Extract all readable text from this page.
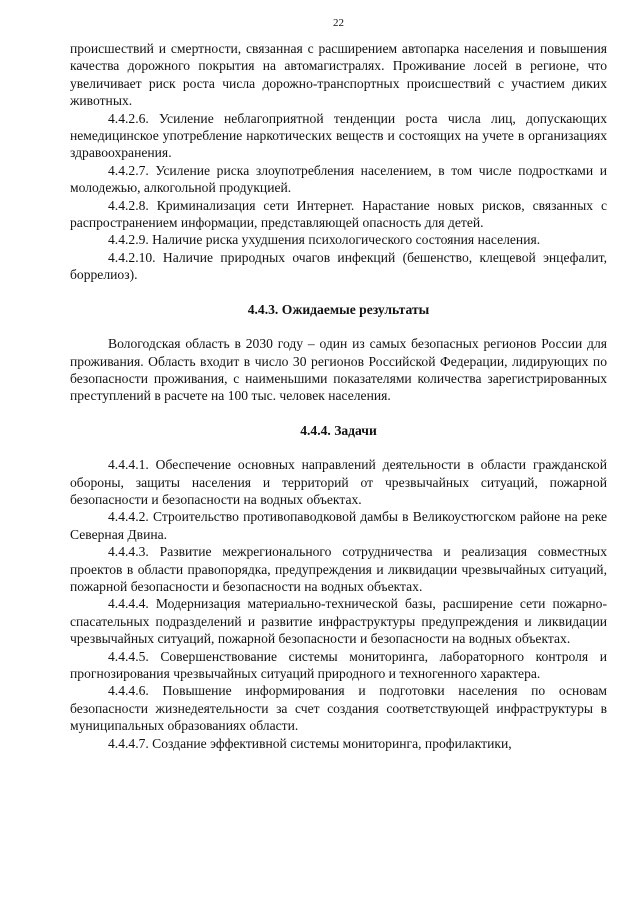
22

происшествий и смертности, связанная с расширением автопарка населения и повышения качества дорожного покрытия на автомагистралях. Проживание лосей в регионе, что увеличивает риск роста числа дорожно-транспортных происшествий с участием диких животных.

4.4.2.6. Усиление неблагоприятной тенденции роста числа лиц, допускающих немедицинское употребление наркотических веществ и состоящих на учете в организациях здравоохранения.

4.4.2.7. Усиление риска злоупотребления населением, в том числе подростками и молодежью, алкогольной продукцией.

4.4.2.8. Криминализация сети Интернет. Нарастание новых рисков, связанных с распространением информации, представляющей опасность для детей.

4.4.2.9. Наличие риска ухудшения психологического состояния населения.

4.4.2.10. Наличие природных очагов инфекций (бешенство, клещевой энцефалит, боррелиоз).

4.4.3. Ожидаемые результаты

Вологодская область в 2030 году – один из самых безопасных регионов России для проживания. Область входит в число 30 регионов Российской Федерации, лидирующих по безопасности проживания, с наименьшими показателями количества зарегистрированных преступлений в расчете на 100 тыс. человек населения.

4.4.4. Задачи

4.4.4.1. Обеспечение основных направлений деятельности в области гражданской обороны, защиты населения и территорий от чрезвычайных ситуаций, пожарной безопасности и безопасности на водных объектах.

4.4.4.2. Строительство противопаводковой дамбы в Великоустюгском районе на реке Северная Двина.

4.4.4.3. Развитие межрегионального сотрудничества и реализация совместных проектов в области правопорядка, предупреждения и ликвидации чрезвычайных ситуаций, пожарной безопасности и безопасности на водных объектах.

4.4.4.4. Модернизация материально-технической базы, расширение сети пожарно-спасательных подразделений и развитие инфраструктуры предупреждения и ликвидации чрезвычайных ситуаций, пожарной безопасности и безопасности на водных объектах.

4.4.4.5. Совершенствование системы мониторинга, лабораторного контроля и прогнозирования чрезвычайных ситуаций природного и техногенного характера.

4.4.4.6. Повышение информирования и подготовки населения по основам безопасности жизнедеятельности за счет создания соответствующей инфраструктуры в муниципальных образованиях области.

4.4.4.7. Создание эффективной системы мониторинга, профилактики,
